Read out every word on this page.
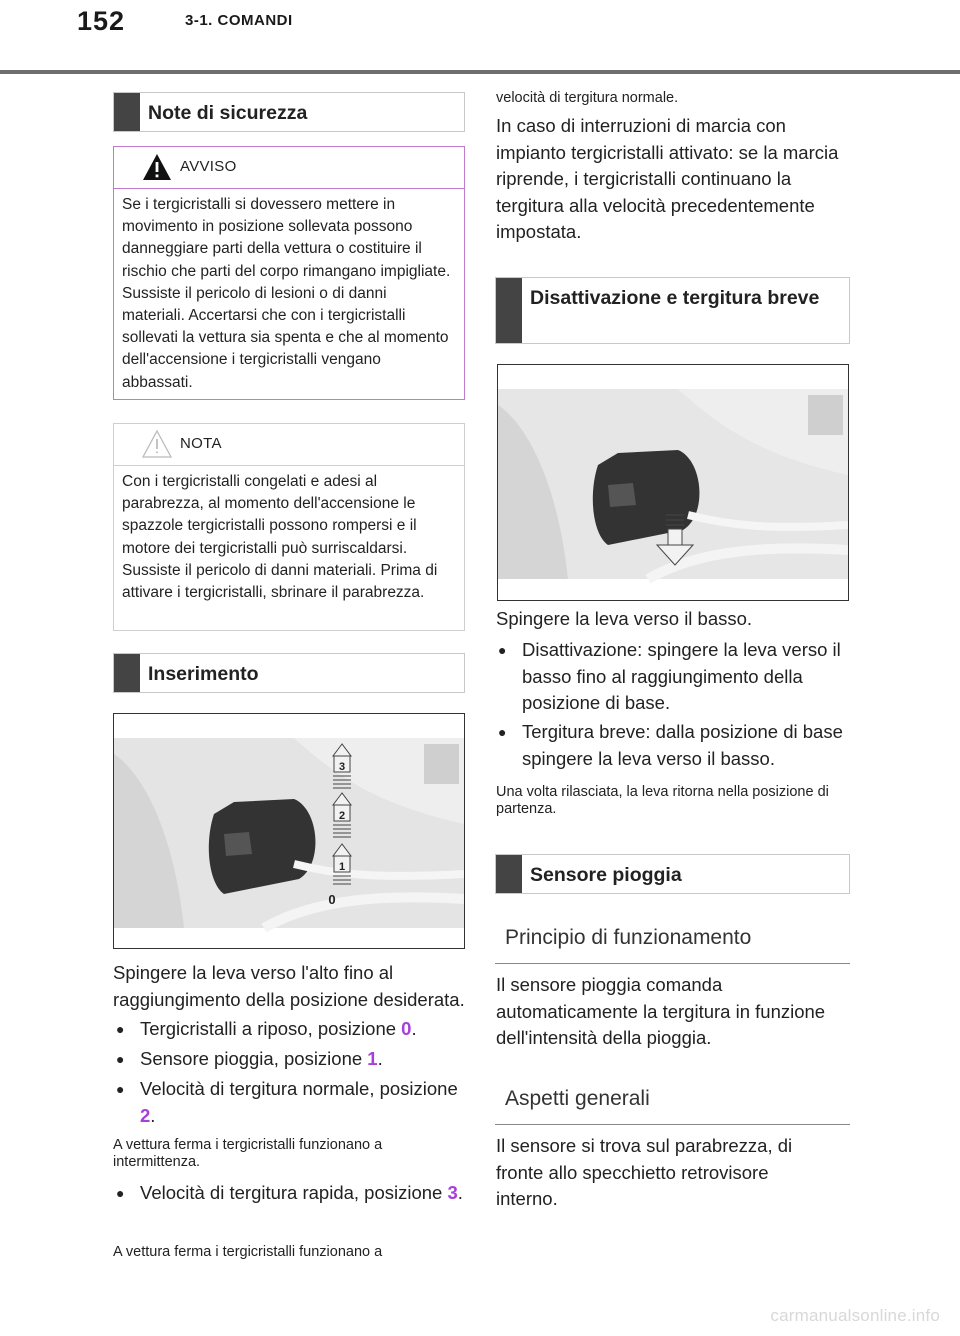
152	3-1. COMANDI
Note di sicurezza
AVVISO
Se i tergicristalli si dovessero mettere in movimento in posizione sollevata possono danneggiare parti della vettura o costituire il rischio che parti del corpo rimangano impigliate. Sussiste il pericolo di lesioni o di danni materiali. Accertarsi che con i tergicristalli sollevati la vettura sia spenta e che al momento dell'accensione i tergicristalli vengano abbassati.
NOTA
Con i tergicristalli congelati e adesi al parabrezza, al momento dell'accensione le spazzole tergicristalli possono rompersi e il motore dei tergicristalli può surriscaldarsi. Sussiste il pericolo di danni materiali. Prima di attivare i tergicristalli, sbrinare il parabrezza.
Inserimento
3
2
1
0
Spingere la leva verso l'alto fino al raggiungimento della posizione desiderata.
● Tergicristalli a riposo, posizione 0.
● Sensore pioggia, posizione 1.
● Velocità di tergitura normale, posizione 2.
A vettura ferma i tergicristalli funzionano a intermittenza.
● Velocità di tergitura rapida, posizione 3.
A vettura ferma i tergicristalli funzionano a
velocità di tergitura normale.
In caso di interruzioni di marcia con impianto tergicristalli attivato: se la marcia riprende, i tergicristalli continuano la tergitura alla velocità precedentemente impostata.
Disattivazione e tergitura breve
Spingere la leva verso il basso.
● Disattivazione: spingere la leva verso il basso fino al raggiungimento della posizione di base.
● Tergitura breve: dalla posizione di base spingere la leva verso il basso.
Una volta rilasciata, la leva ritorna nella posizione di partenza.
Sensore pioggia
Principio di funzionamento
Il sensore pioggia comanda automaticamente la tergitura in funzione dell'intensità della pioggia.
Aspetti generali
Il sensore si trova sul parabrezza, di fronte allo specchietto retrovisore interno.
carmanualsonline.info
